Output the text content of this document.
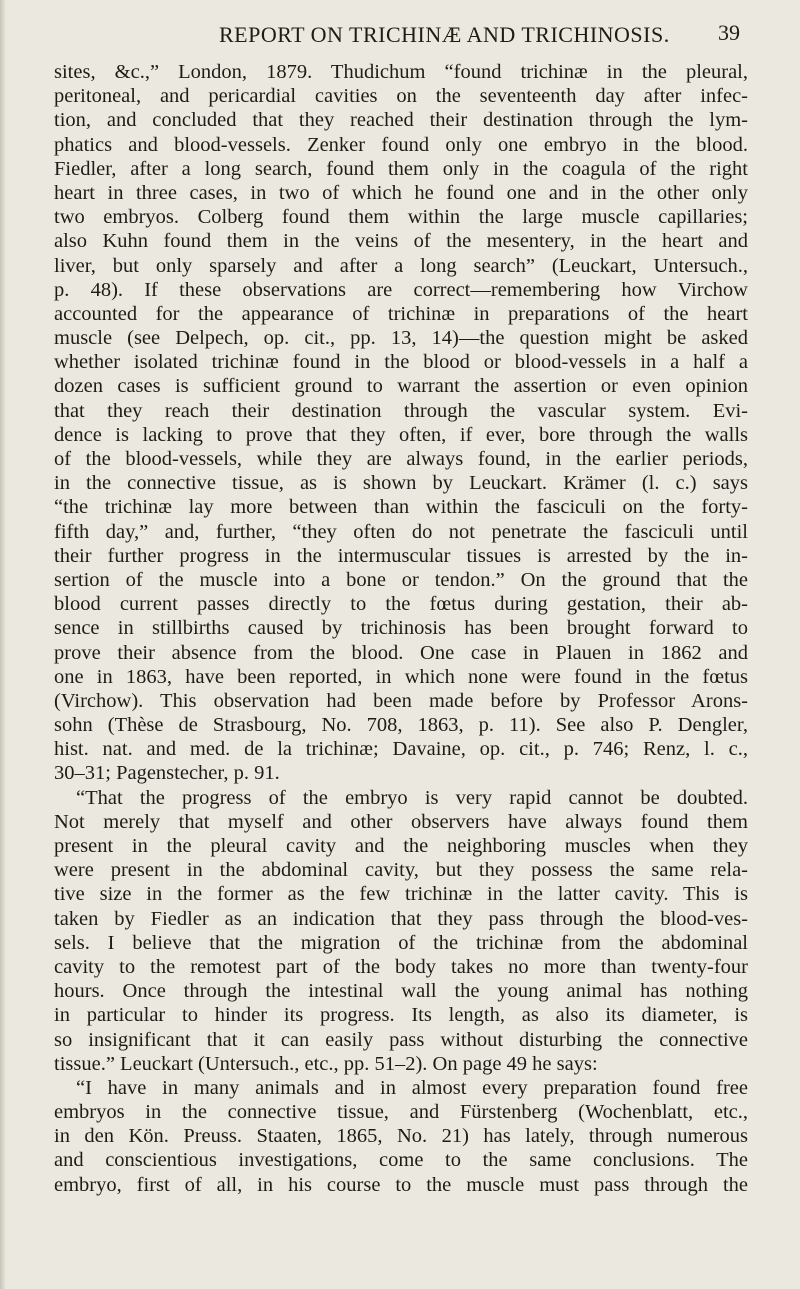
REPORT ON TRICHINÆ AND TRICHINOSIS.	39
sites, &c.,” London, 1879. Thudichum “found trichinæ in the pleural,
peritoneal, and pericardial cavities on the seventeenth day after infec-
tion, and concluded that they reached their destination through the lym-
phatics and blood-vessels. Zenker found only one embryo in the blood.
Fiedler, after a long search, found them only in the coagula of the right
heart in three cases, in two of which he found one and in the other only
two embryos. Colberg found them within the large muscle capillaries;
also Kuhn found them in the veins of the mesentery, in the heart and
liver, but only sparsely and after a long search” (Leuckart, Untersuch.,
p. 48). If these observations are correct—remembering how Virchow
accounted for the appearance of trichinæ in preparations of the heart
muscle (see Delpech, op. cit., pp. 13, 14)—the question might be asked
whether isolated trichinæ found in the blood or blood-vessels in a half a
dozen cases is sufficient ground to warrant the assertion or even opinion
that they reach their destination through the vascular system. Evi-
dence is lacking to prove that they often, if ever, bore through the walls
of the blood-vessels, while they are always found, in the earlier periods,
in the connective tissue, as is shown by Leuckart. Krämer (l. c.) says
“the trichinæ lay more between than within the fasciculi on the forty-
fifth day,” and, further, “they often do not penetrate the fasciculi until
their further progress in the intermuscular tissues is arrested by the in-
sertion of the muscle into a bone or tendon.” On the ground that the
blood current passes directly to the fœtus during gestation, their ab-
sence in stillbirths caused by trichinosis has been brought forward to
prove their absence from the blood. One case in Plauen in 1862 and
one in 1863, have been reported, in which none were found in the fœtus
(Virchow). This observation had been made before by Professor Arons-
sohn (Thèse de Strasbourg, No. 708, 1863, p. 11). See also P. Dengler,
hist. nat. and med. de la trichinæ; Davaine, op. cit., p. 746; Renz, l. c.,
30–31; Pagenstecher, p. 91.
“That the progress of the embryo is very rapid cannot be doubted.
Not merely that myself and other observers have always found them
present in the pleural cavity and the neighboring muscles when they
were present in the abdominal cavity, but they possess the same rela-
tive size in the former as the few trichinæ in the latter cavity. This is
taken by Fiedler as an indication that they pass through the blood-ves-
sels. I believe that the migration of the trichinæ from the abdominal
cavity to the remotest part of the body takes no more than twenty-four
hours. Once through the intestinal wall the young animal has nothing
in particular to hinder its progress. Its length, as also its diameter, is
so insignificant that it can easily pass without disturbing the connective
tissue.” Leuckart (Untersuch., etc., pp. 51–2). On page 49 he says:
“I have in many animals and in almost every preparation found free
embryos in the connective tissue, and Fürstenberg (Wochenblatt, etc.,
in den Kön. Preuss. Staaten, 1865, No. 21) has lately, through numerous
and conscientious investigations, come to the same conclusions. The
embryo, first of all, in his course to the muscle must pass through the
